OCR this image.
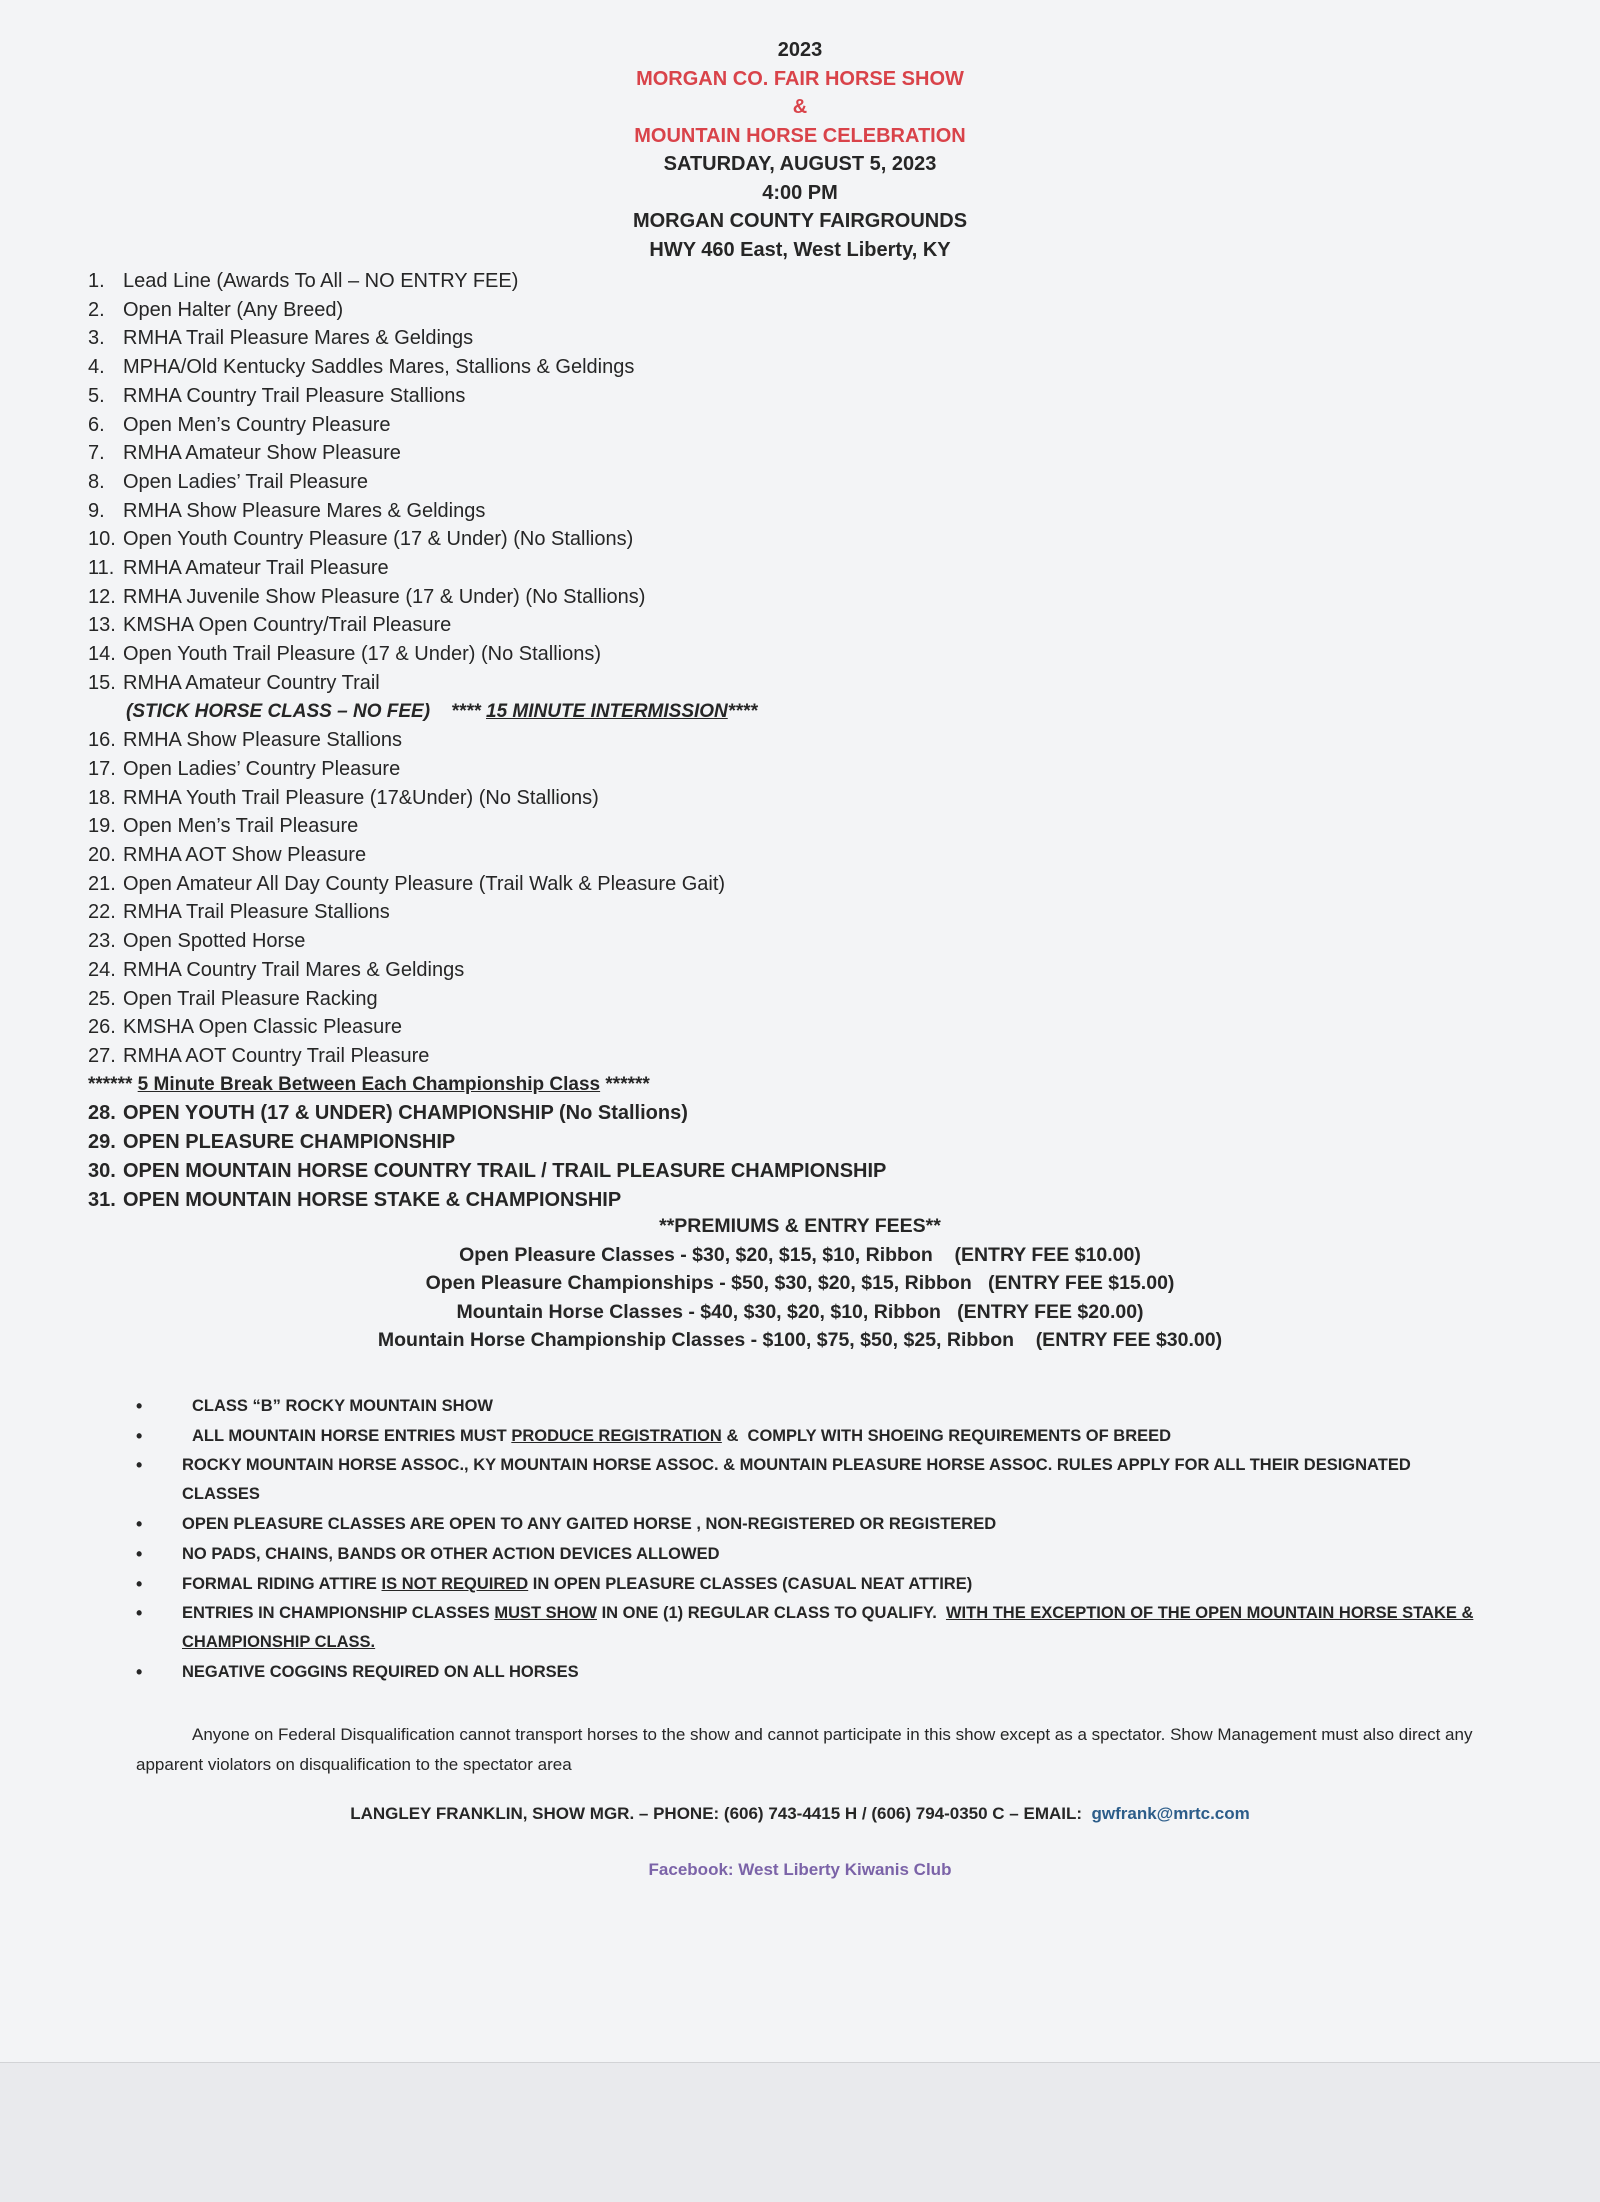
2023
MORGAN CO. FAIR HORSE SHOW
&
MOUNTAIN HORSE CELEBRATION
SATURDAY, AUGUST 5, 2023
4:00 PM
MORGAN COUNTY FAIRGROUNDS
HWY 460 East, West Liberty, KY
1. Lead Line (Awards To All – NO ENTRY FEE)
2. Open Halter (Any Breed)
3. RMHA Trail Pleasure Mares & Geldings
4. MPHA/Old Kentucky Saddles Mares, Stallions & Geldings
5. RMHA Country Trail Pleasure Stallions
6. Open Men’s Country Pleasure
7. RMHA Amateur Show Pleasure
8. Open Ladies’ Trail Pleasure
9. RMHA Show Pleasure Mares & Geldings
10. Open Youth Country Pleasure (17 & Under) (No Stallions)
11. RMHA Amateur Trail Pleasure
12. RMHA Juvenile Show Pleasure (17 & Under) (No Stallions)
13. KMSHA Open Country/Trail Pleasure
14. Open Youth Trail Pleasure (17 & Under) (No Stallions)
15. RMHA Amateur Country Trail
(STICK HORSE CLASS – NO FEE) **** 15 MINUTE INTERMISSION****
16. RMHA Show Pleasure Stallions
17. Open Ladies’ Country Pleasure
18. RMHA Youth Trail Pleasure (17&Under) (No Stallions)
19. Open Men’s Trail Pleasure
20. RMHA AOT Show Pleasure
21. Open Amateur All Day County Pleasure (Trail Walk & Pleasure Gait)
22. RMHA Trail Pleasure Stallions
23. Open Spotted Horse
24. RMHA Country Trail Mares & Geldings
25. Open Trail Pleasure Racking
26. KMSHA Open Classic Pleasure
27. RMHA AOT Country Trail Pleasure
****** 5 Minute Break Between Each Championship Class ******
28. OPEN YOUTH (17 & UNDER) CHAMPIONSHIP (No Stallions)
29. OPEN PLEASURE CHAMPIONSHIP
30. OPEN MOUNTAIN HORSE COUNTRY TRAIL / TRAIL PLEASURE CHAMPIONSHIP
31. OPEN MOUNTAIN HORSE STAKE & CHAMPIONSHIP
**PREMIUMS & ENTRY FEES**
Open Pleasure Classes - $30, $20, $15, $10, Ribbon    (ENTRY FEE $10.00)
Open Pleasure Championships - $50, $30, $20, $15, Ribbon   (ENTRY FEE $15.00)
Mountain Horse Classes - $40, $30, $20, $10, Ribbon   (ENTRY FEE $20.00)
Mountain Horse Championship Classes - $100, $75, $50, $25, Ribbon    (ENTRY FEE $30.00)
•
CLASS “B” ROCKY MOUNTAIN SHOW
•
ALL MOUNTAIN HORSE ENTRIES MUST PRODUCE REGISTRATION &  COMPLY WITH SHOEING REQUIREMENTS OF BREED
•
ROCKY MOUNTAIN HORSE ASSOC., KY MOUNTAIN HORSE ASSOC. & MOUNTAIN PLEASURE HORSE ASSOC. RULES APPLY FOR ALL THEIR DESIGNATED CLASSES
•
OPEN PLEASURE CLASSES ARE OPEN TO ANY GAITED HORSE , NON-REGISTERED OR REGISTERED
•
NO PADS, CHAINS, BANDS OR OTHER ACTION DEVICES ALLOWED
•
FORMAL RIDING ATTIRE IS NOT REQUIRED IN OPEN PLEASURE CLASSES (CASUAL NEAT ATTIRE)
•
ENTRIES IN CHAMPIONSHIP CLASSES MUST SHOW IN ONE (1) REGULAR CLASS TO QUALIFY.  WITH THE EXCEPTION OF THE OPEN MOUNTAIN HORSE STAKE & CHAMPIONSHIP CLASS.
•
NEGATIVE COGGINS REQUIRED ON ALL HORSES
Anyone on Federal Disqualification cannot transport horses to the show and cannot participate in this show except as a spectator. Show Management must also direct any apparent violators on disqualification to the spectator area
LANGLEY FRANKLIN, SHOW MGR. – PHONE: (606) 743-4415 H / (606) 794-0350 C – EMAIL:  gwfrank@mrtc.com
Facebook: West Liberty Kiwanis Club
